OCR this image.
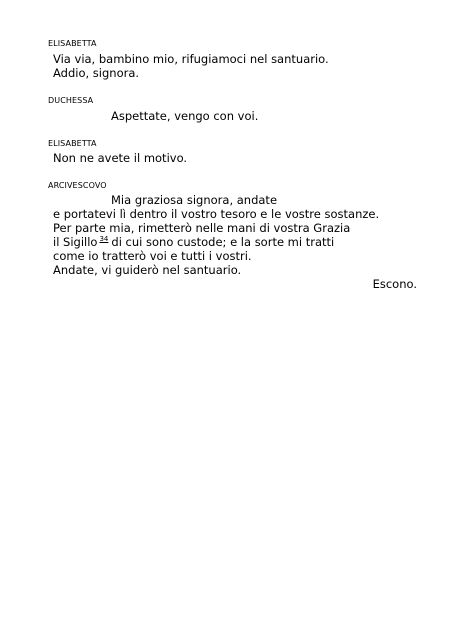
ELISABETTA
Via via, bambino mio, rifugiamoci nel santuario.
Addio, signora.
DUCHESSA
Aspettate, vengo con voi.
ELISABETTA
Non ne avete il motivo.
ARCIVESCOVO
Mia graziosa signora, andate
e portatevi lì dentro il vostro tesoro e le vostre sostanze.
Per parte mia, rimetterò nelle mani di vostra Grazia
il Sigillo $^{34}$ di cui sono custode; e la sorte mi tratti
come io tratterò voi e tutti i vostri.
Andate, vi guiderò nel santuario.
Escono.
